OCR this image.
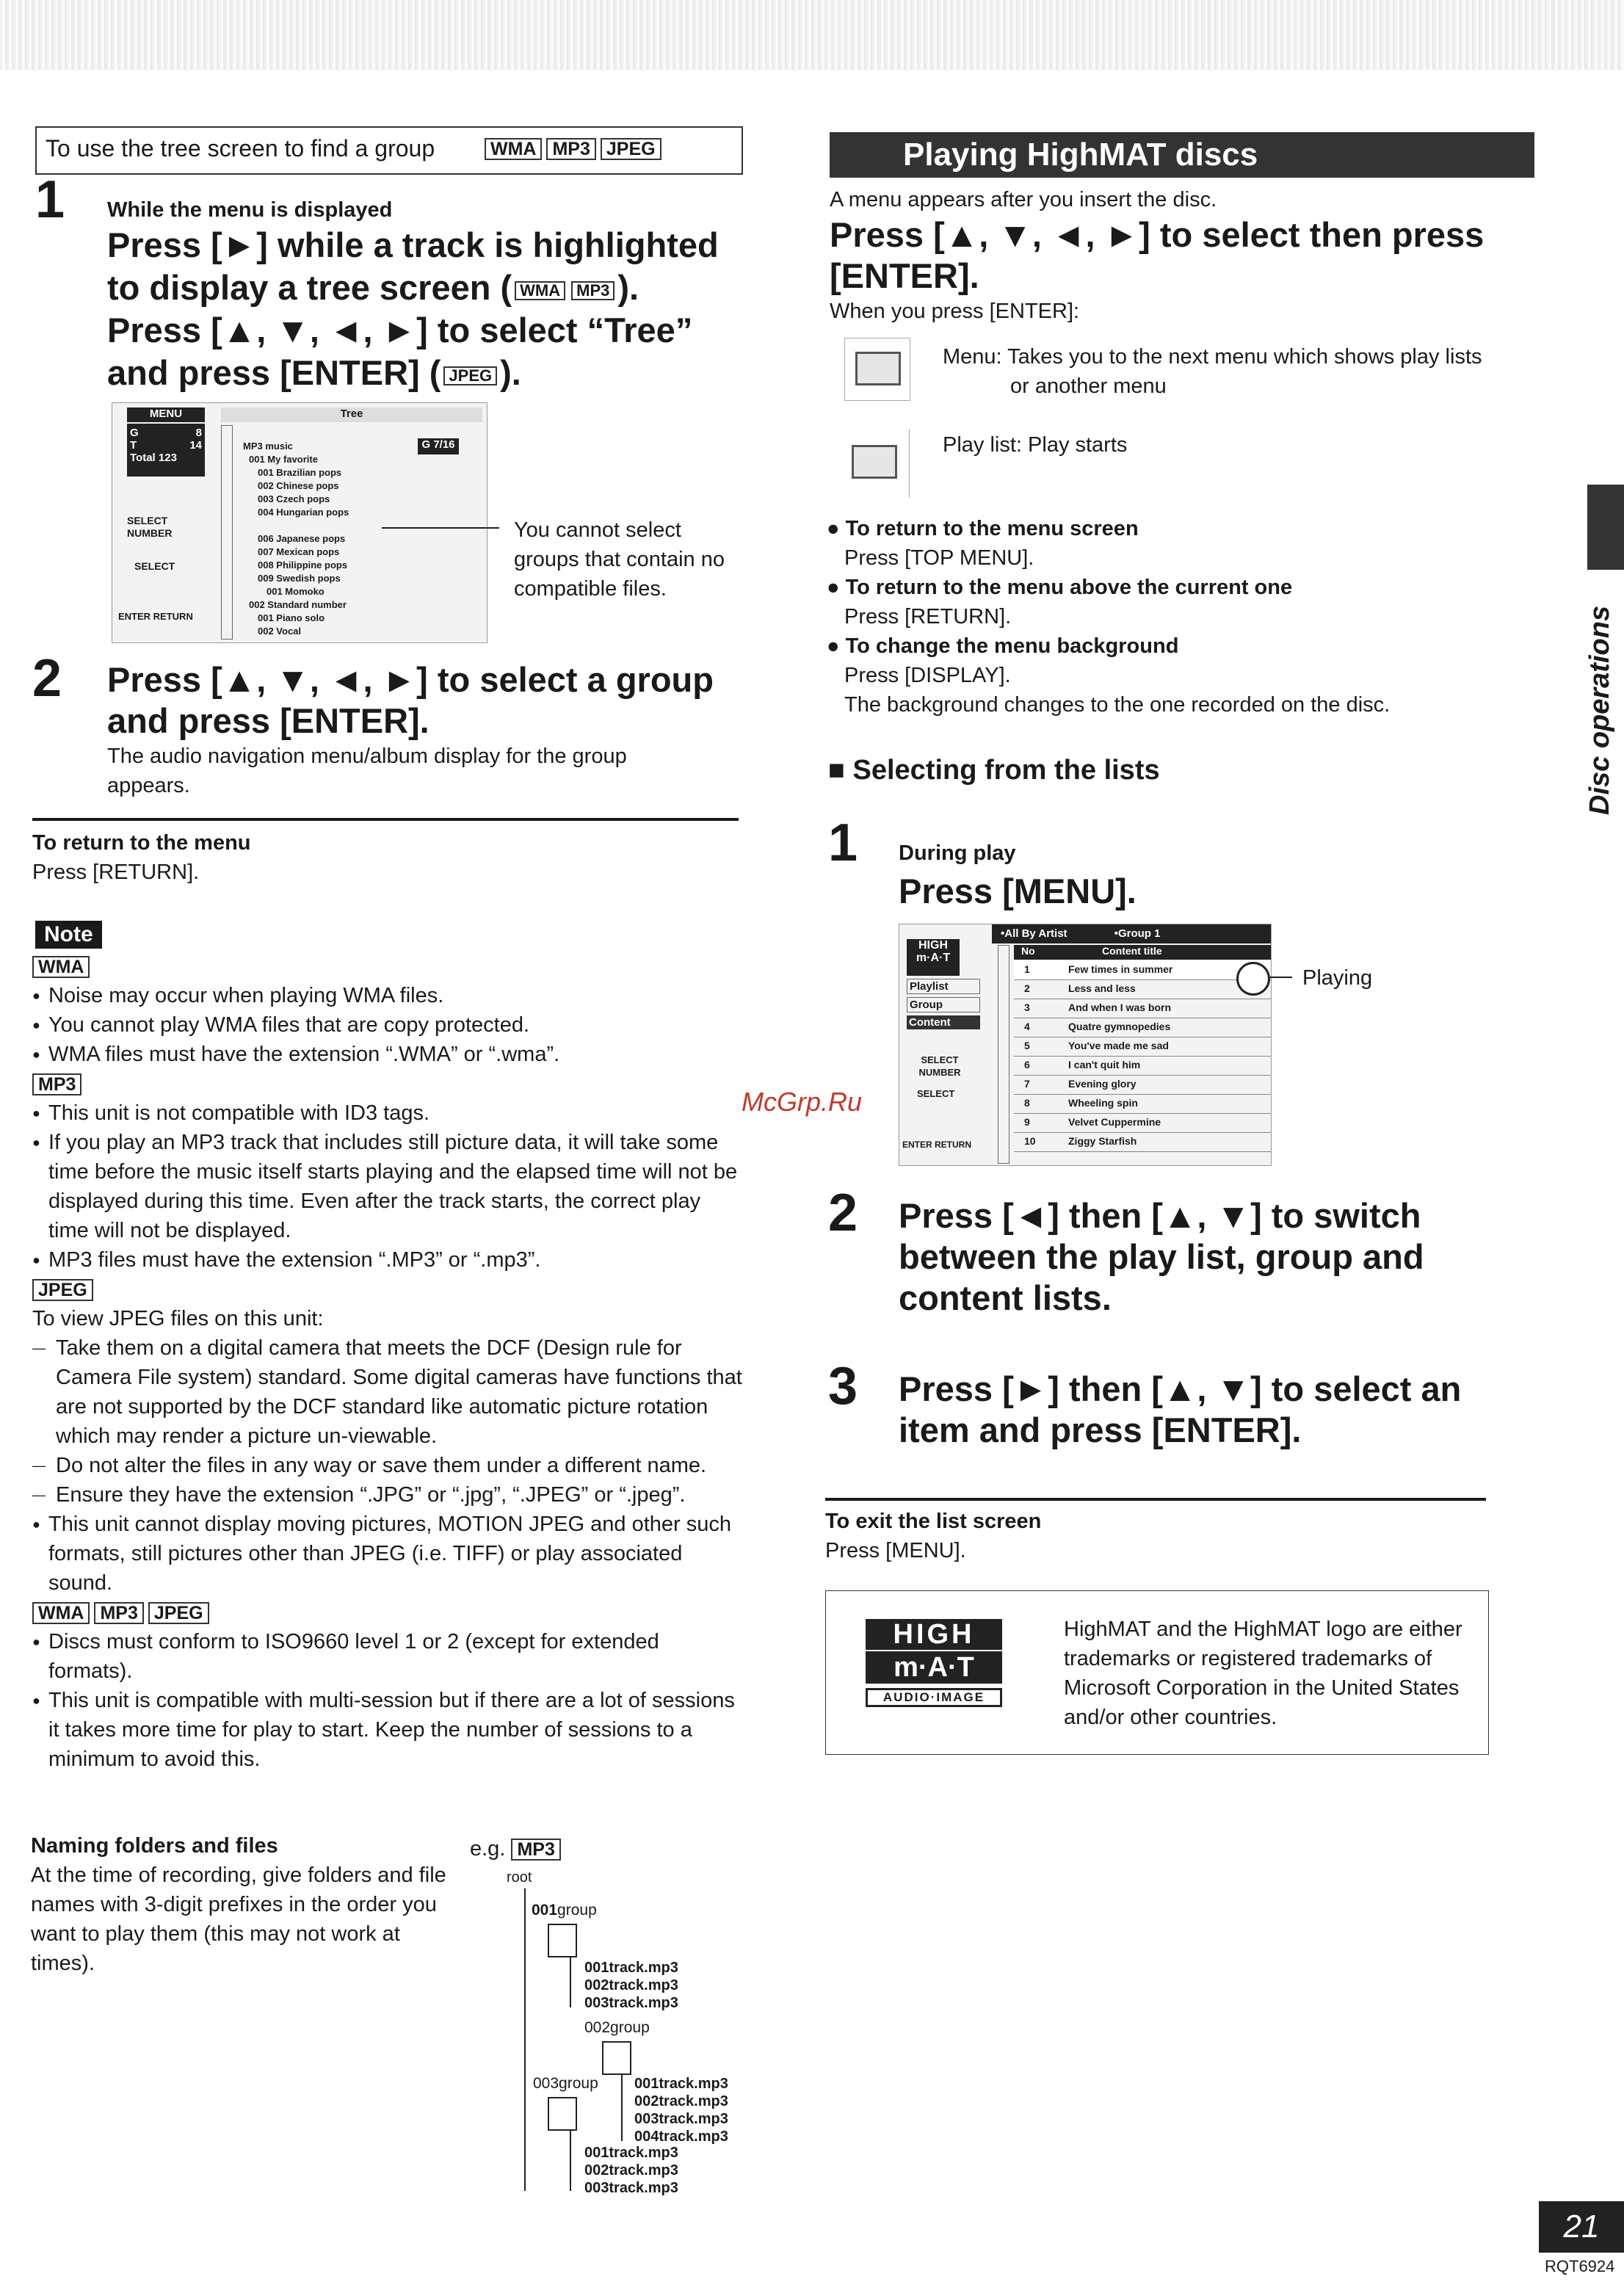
To use the tree screen to find a group	WMA MP3 JPEG
1 While the menu is displayed
Press [►] while a track is highlighted
to display a tree screen ( WMA MP3 ).
Press [▲, ▼, ◄, ►] to select “Tree”
and press [ENTER] ( JPEG ).
MENU
G	8
T	14
Total 123
SELECT NUMBER
SELECT
ENTER RETURN
Tree
G 7/16
MP3 music
001 My favorite
001 Brazilian pops
002 Chinese pops
003 Czech pops
004 Hungarian pops
006 Japanese pops
007 Mexican pops
008 Philippine pops
009 Swedish pops
001 Momoko
002 Standard number
001 Piano solo
002 Vocal
You cannot select groups that contain no compatible files.
2 Press [▲, ▼, ◄, ►] to select a group
and press [ENTER].
The audio navigation menu/album display for the group appears.
To return to the menu
Press [RETURN].
Note
WMA
● Noise may occur when playing WMA files.
● You cannot play WMA files that are copy protected.
● WMA files must have the extension “.WMA” or “.wma”.
MP3
● This unit is not compatible with ID3 tags.
● If you play an MP3 track that includes still picture data, it will take some time before the music itself starts playing and the elapsed time will not be displayed during this time. Even after the track starts, the correct play time will not be displayed.
● MP3 files must have the extension “.MP3” or “.mp3”.
JPEG
To view JPEG files on this unit:
— Take them on a digital camera that meets the DCF (Design rule for Camera File system) standard. Some digital cameras have functions that are not supported by the DCF standard like automatic picture rotation which may render a picture un-viewable.
— Do not alter the files in any way or save them under a different name.
— Ensure they have the extension “.JPG” or “.jpg”, “.JPEG” or “.jpeg”.
● This unit cannot display moving pictures, MOTION JPEG and other such formats, still pictures other than JPEG (i.e. TIFF) or play associated sound.
WMA MP3 JPEG
● Discs must conform to ISO9660 level 1 or 2 (except for extended formats).
● This unit is compatible with multi-session but if there are a lot of sessions it takes more time for play to start. Keep the number of sessions to a minimum to avoid this.
Naming folders and files
At the time of recording, give folders and file names with 3-digit prefixes in the order you want to play them (this may not work at times).
e.g. MP3
root
001group
001track.mp3
002track.mp3
003track.mp3
002group
003group 001track.mp3
002track.mp3
003track.mp3
004track.mp3
001track.mp3
002track.mp3
003track.mp3
Playing HighMAT discs
A menu appears after you insert the disc.
Press [▲, ▼, ◄, ►] to select then press [ENTER].
When you press [ENTER]:
Menu: Takes you to the next menu which shows play lists
or another menu
Play list: Play starts
● To return to the menu screen
Press [TOP MENU].
● To return to the menu above the current one
Press [RETURN].
● To change the menu background
Press [DISPLAY].
The background changes to the one recorded on the disc.
■ Selecting from the lists
1 During play
Press [MENU].
HIGH
m·A·T
Playlist
Group
Content
SELECT NUMBER
SELECT
ENTER RETURN
•All By Artist	•Group 1
No	Content title
1	Few times in summer
2	Less and less
3	And when I was born
4	Quatre gymnopedies
5	You've made me sad
6	I can't quit him
7	Evening glory
8	Wheeling spin
9	Velvet Cuppermine
10	Ziggy Starfish
Playing
McGrp.Ru
2 Press [◄] then [▲, ▼] to switch
between the play list, group and
content lists.
3 Press [►] then [▲, ▼] to select an
item and press [ENTER].
To exit the list screen
Press [MENU].
HIGH
m·A·T
AUDIO·IMAGE
HighMAT and the HighMAT logo are either trademarks or registered trademarks of Microsoft Corporation in the United States and/or other countries.
Disc operations
21
RQT6924
